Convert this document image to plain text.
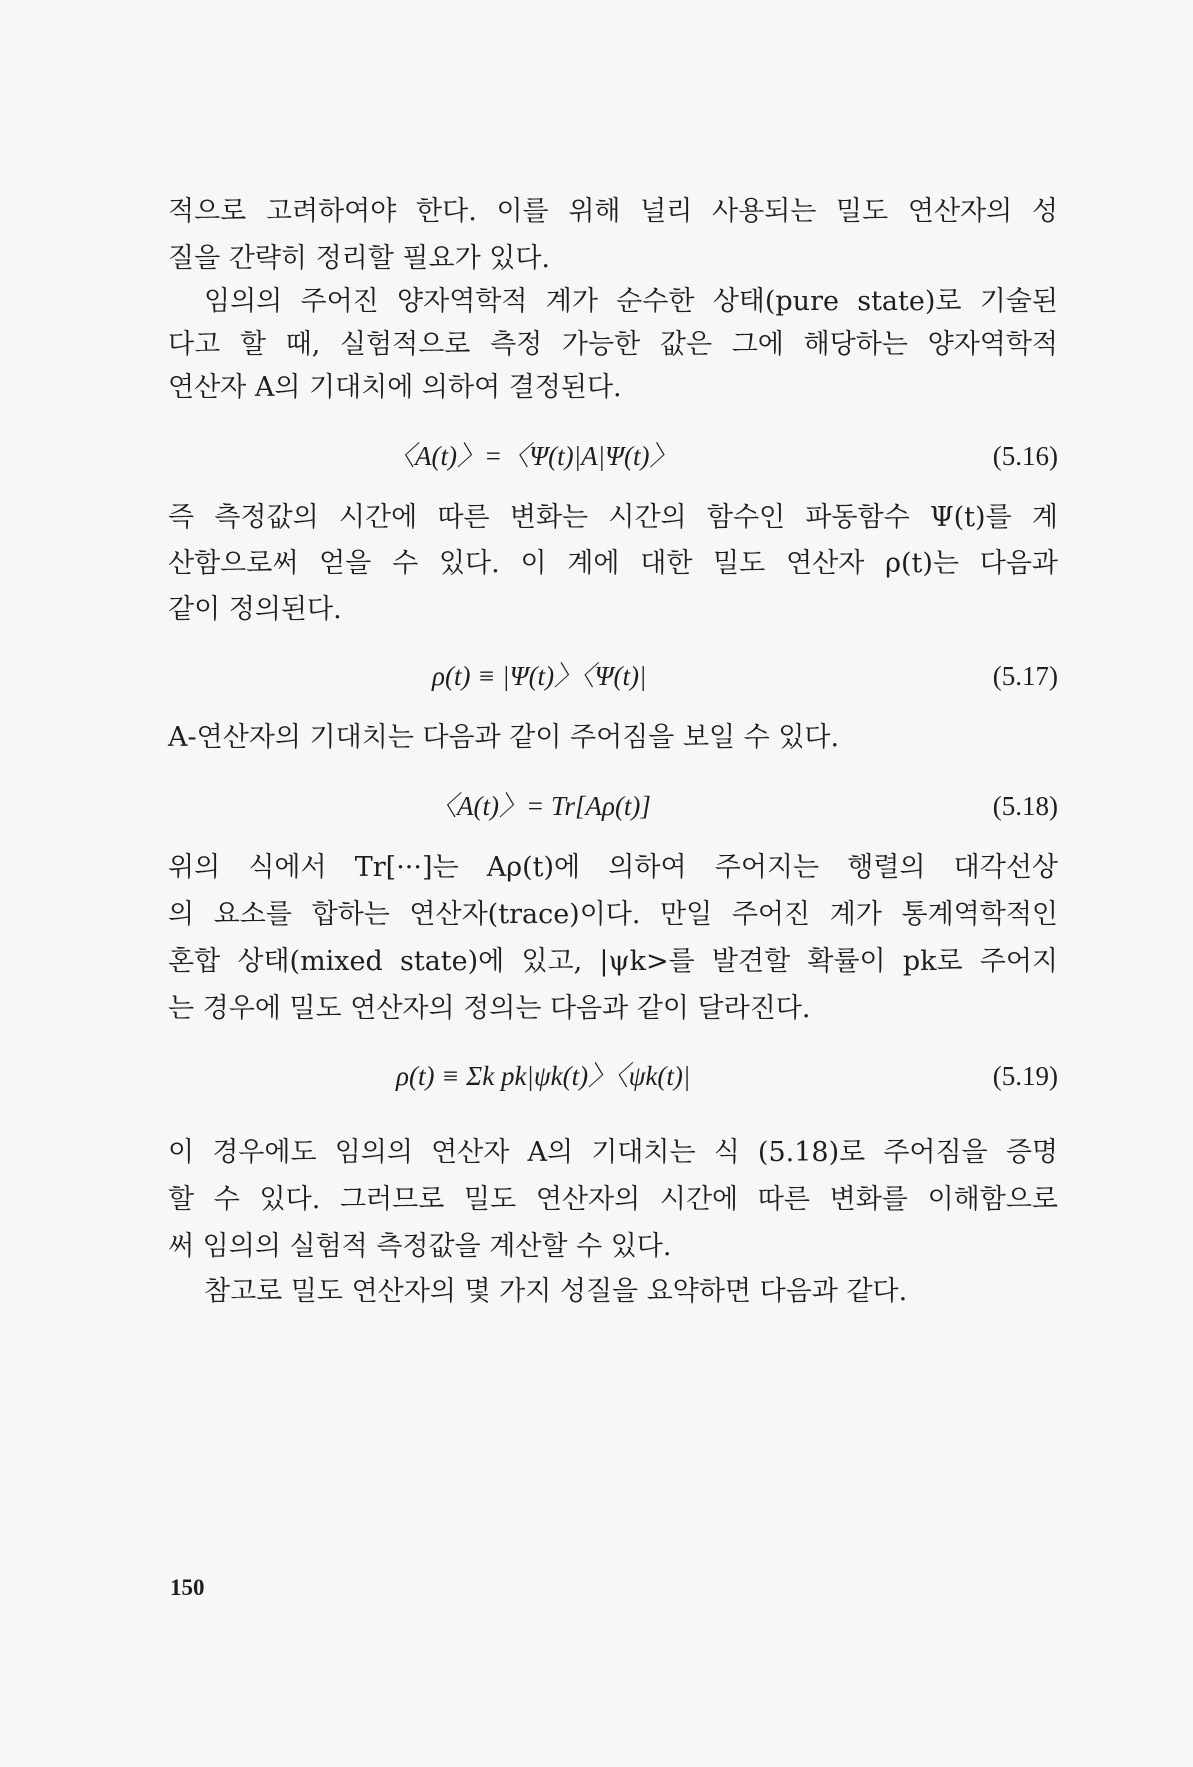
적으로 고려하여야 한다. 이를 위해 널리 사용되는 밀도 연산자의 성
질을 간략히 정리할 필요가 있다.
임의의 주어진 양자역학적 계가 순수한 상태(pure state)로 기술된
다고 할 때, 실험적으로 측정 가능한 값은 그에 해당하는 양자역학적
연산자 A의 기대치에 의하여 결정된다.
〈A(t)〉=〈Ψ(t)|A|Ψ(t)〉	(5.16)
즉 측정값의 시간에 따른 변화는 시간의 함수인 파동함수 Ψ(t)를 계
산함으로써 얻을 수 있다. 이 계에 대한 밀도 연산자 ρ(t)는 다음과
같이 정의된다.
ρ(t) ≡ |Ψ(t)〉〈Ψ(t)|	(5.17)
A-연산자의 기대치는 다음과 같이 주어짐을 보일 수 있다.
〈A(t)〉= Tr[Aρ(t)]	(5.18)
위의 식에서 Tr[···]는 Aρ(t)에 의하여 주어지는 행렬의 대각선상
의 요소를 합하는 연산자(trace)이다. 만일 주어진 계가 통계역학적인
혼합 상태(mixed state)에 있고, |ψk>를 발견할 확률이 pk로 주어지
는 경우에 밀도 연산자의 정의는 다음과 같이 달라진다.
ρ(t) ≡ Σk pk|ψk(t)〉〈ψk(t)|	(5.19)
이 경우에도 임의의 연산자 A의 기대치는 식 (5.18)로 주어짐을 증명
할 수 있다. 그러므로 밀도 연산자의 시간에 따른 변화를 이해함으로
써 임의의 실험적 측정값을 계산할 수 있다.
참고로 밀도 연산자의 몇 가지 성질을 요약하면 다음과 같다.
150
